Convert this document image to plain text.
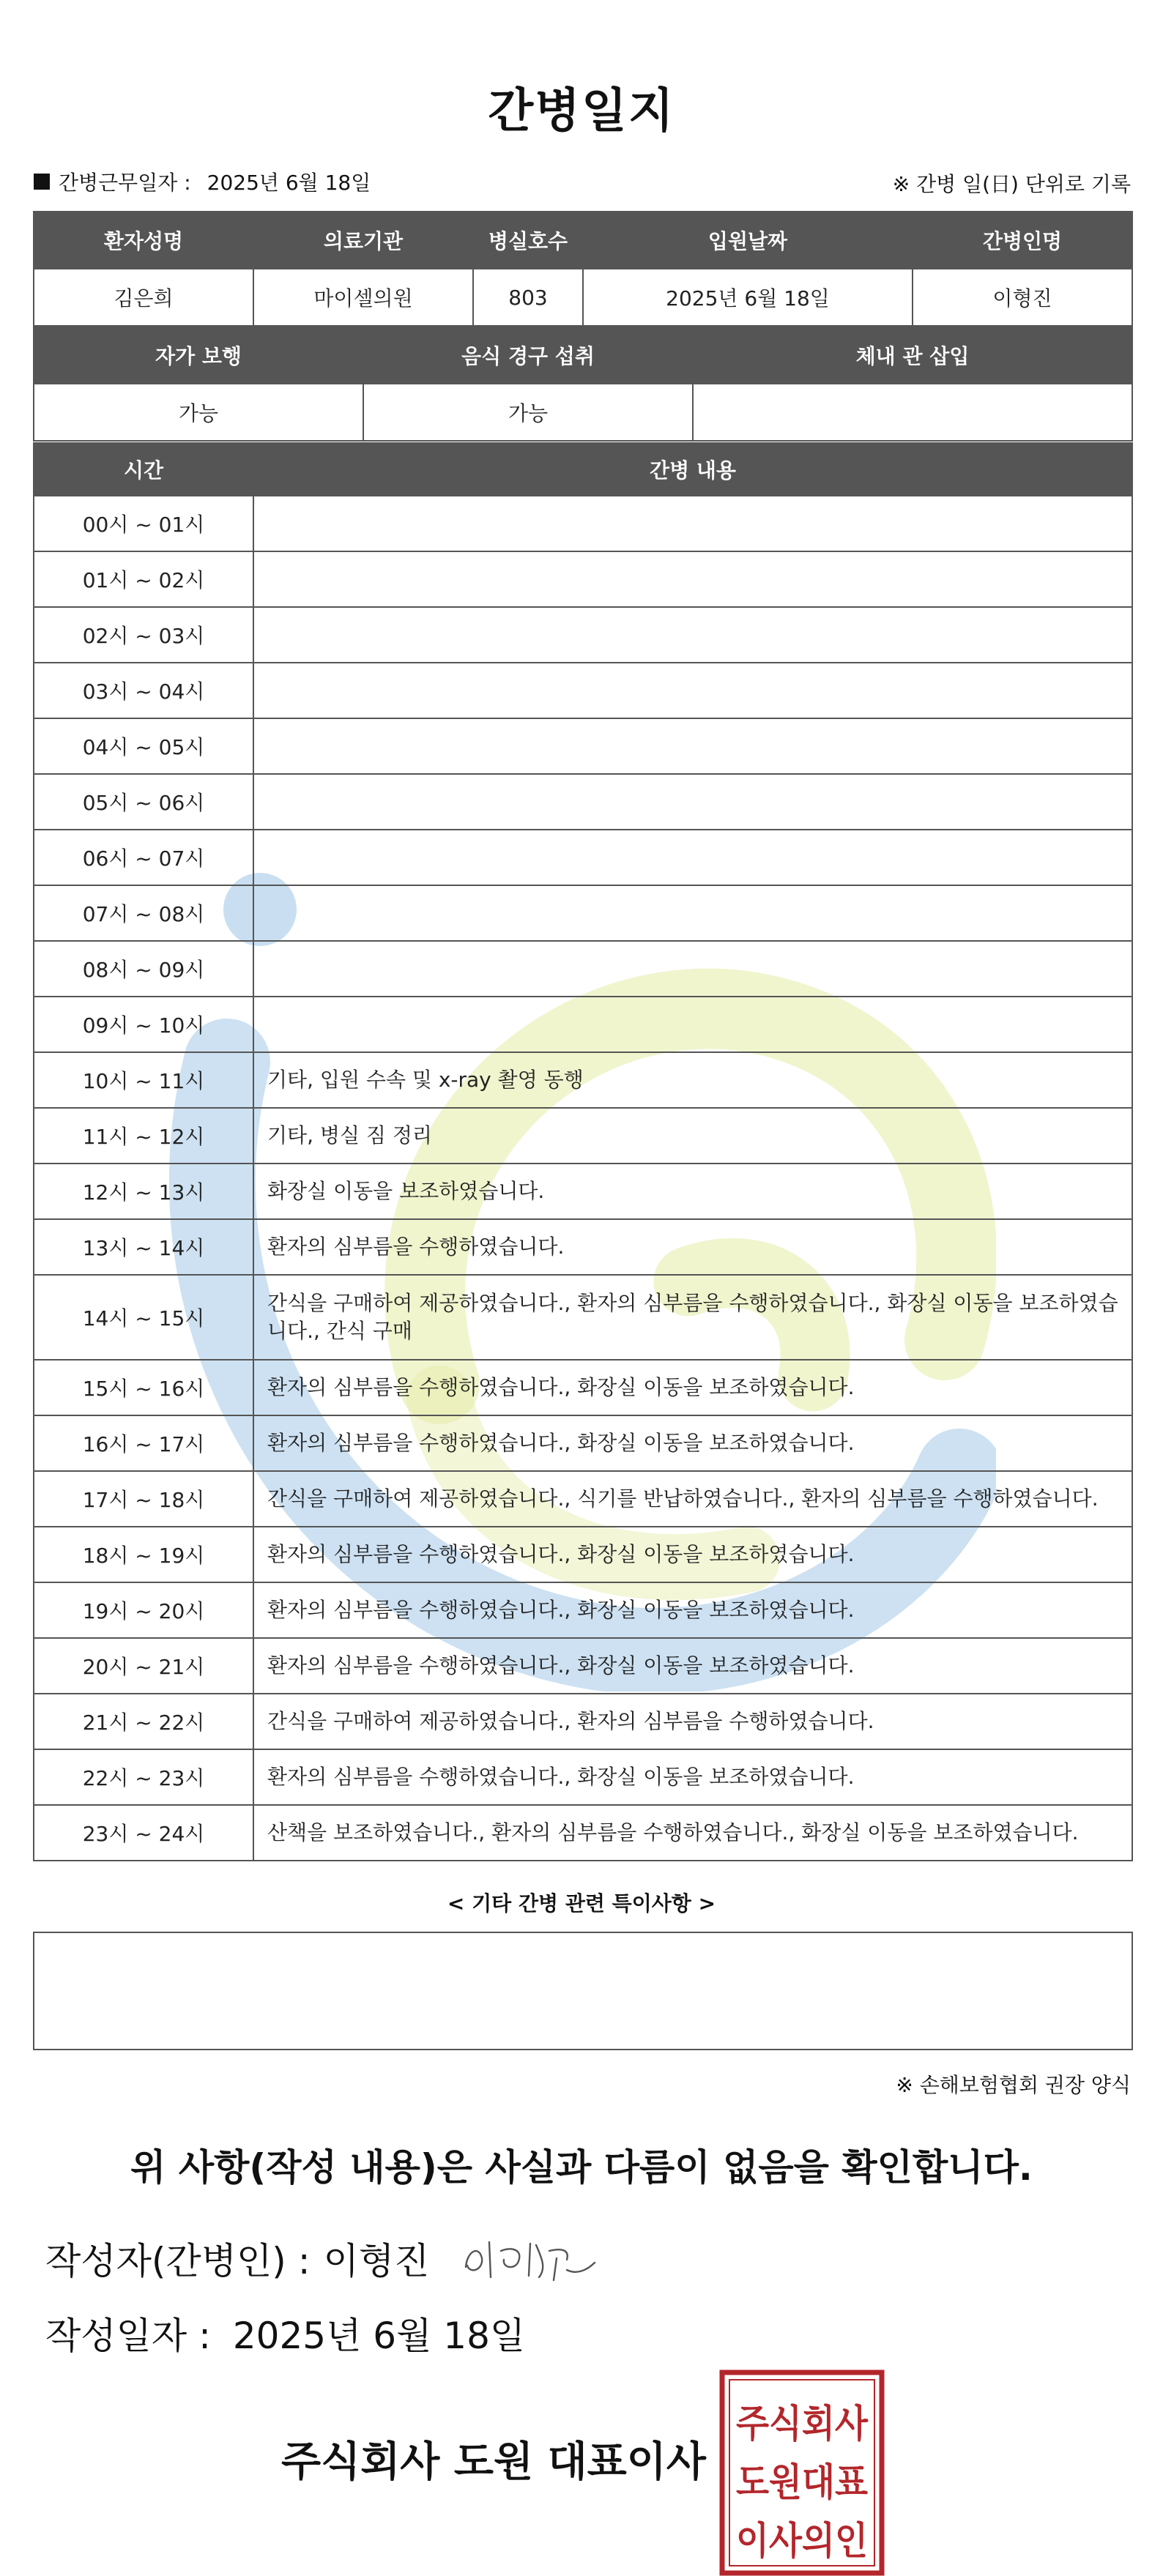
간병일지
간병근무일자 : 2025년 6월 18일	※ 간병 일(日) 단위로 기록
환자성명	의료기관	병실호수	입원날짜	간병인명
김은희	마이셀의원	803	2025년 6월 18일	이형진
자가 보행	음식 경구 섭취	체내 관 삽입
가능	가능	
시간	간병 내용
00시 ~ 01시	
01시 ~ 02시	
02시 ~ 03시	
03시 ~ 04시	
04시 ~ 05시	
05시 ~ 06시	
06시 ~ 07시	
07시 ~ 08시	
08시 ~ 09시	
09시 ~ 10시	
10시 ~ 11시	기타, 입원 수속 및 x-ray 촬영 동행
11시 ~ 12시	기타, 병실 짐 정리
12시 ~ 13시	화장실 이동을 보조하였습니다.
13시 ~ 14시	환자의 심부름을 수행하였습니다.
14시 ~ 15시	간식을 구매하여 제공하였습니다., 환자의 심부름을 수행하였습니다., 화장실 이동을 보조하였습니다., 간식 구매
15시 ~ 16시	환자의 심부름을 수행하였습니다., 화장실 이동을 보조하였습니다.
16시 ~ 17시	환자의 심부름을 수행하였습니다., 화장실 이동을 보조하였습니다.
17시 ~ 18시	간식을 구매하여 제공하였습니다., 식기를 반납하였습니다., 환자의 심부름을 수행하였습니다.
18시 ~ 19시	환자의 심부름을 수행하였습니다., 화장실 이동을 보조하였습니다.
19시 ~ 20시	환자의 심부름을 수행하였습니다., 화장실 이동을 보조하였습니다.
20시 ~ 21시	환자의 심부름을 수행하였습니다., 화장실 이동을 보조하였습니다.
21시 ~ 22시	간식을 구매하여 제공하였습니다., 환자의 심부름을 수행하였습니다.
22시 ~ 23시	환자의 심부름을 수행하였습니다., 화장실 이동을 보조하였습니다.
23시 ~ 24시	산책을 보조하였습니다., 환자의 심부름을 수행하였습니다., 화장실 이동을 보조하였습니다.
< 기타 간병 관련 특이사항 >
※ 손해보험협회 권장 양식
위 사항(작성 내용)은 사실과 다름이 없음을 확인합니다.
작성자(간병인) : 이형진
작성일자 : 2025년 6월 18일
주식회사 도원 대표이사
주식회사
도원대표
이사의인
